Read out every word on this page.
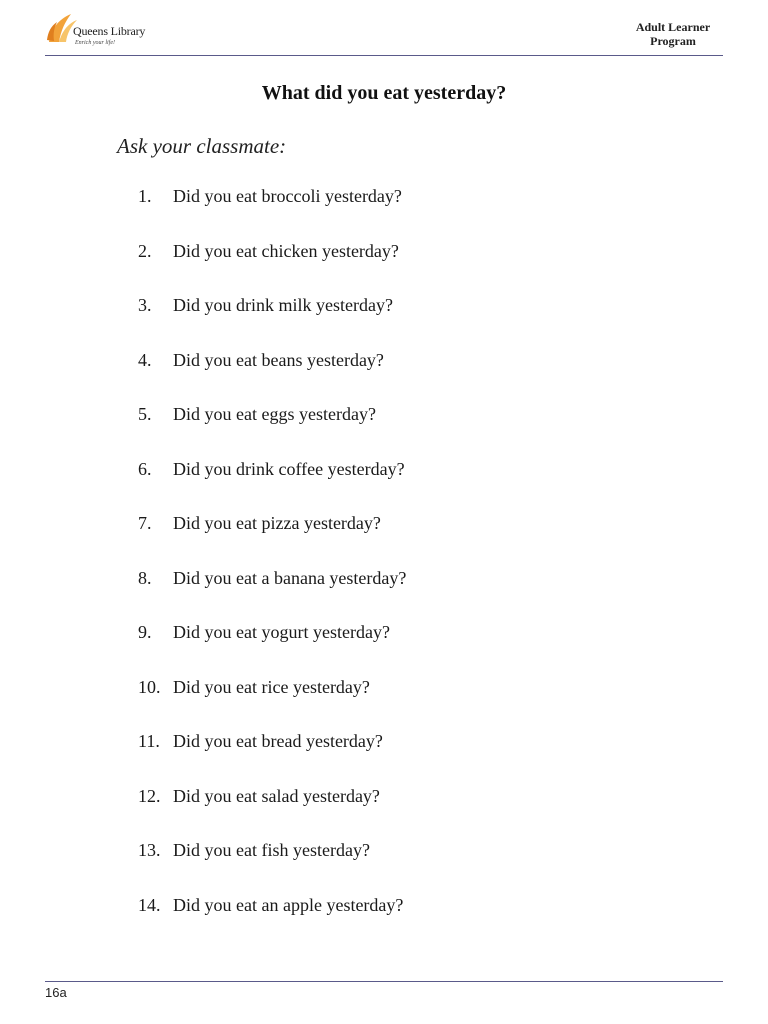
Queens Library
Enrich your life!
Adult Learner
Program
What did you eat yesterday?
Ask your classmate:
1.	Did you eat broccoli yesterday?
2.	Did you eat chicken yesterday?
3.	Did you drink milk yesterday?
4.	Did you eat beans yesterday?
5.	Did you eat eggs yesterday?
6.	Did you drink coffee yesterday?
7.	Did you eat pizza yesterday?
8.	Did you eat a banana yesterday?
9.	Did you eat yogurt yesterday?
10. Did you eat rice yesterday?
11. Did you eat bread yesterday?
12. Did you eat salad yesterday?
13. Did you eat fish yesterday?
14. Did you eat an apple yesterday?
16a
